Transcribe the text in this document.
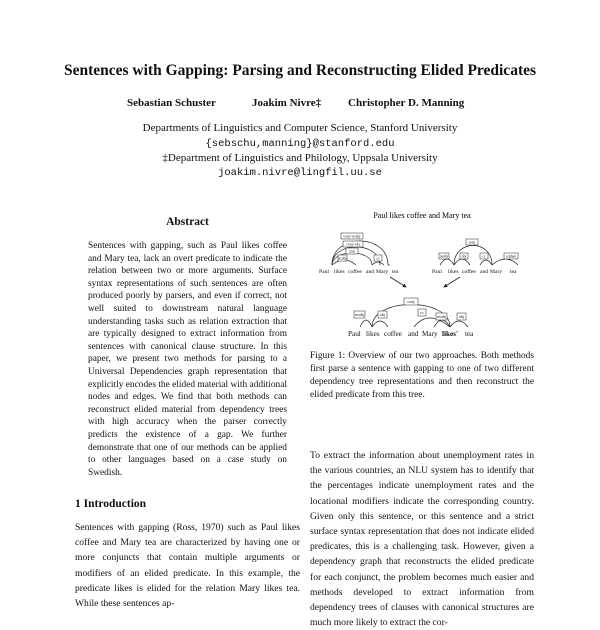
Sentences with Gapping: Parsing and Reconstructing Elided Predicates
Sebastian Schuster	Joakim Nivre‡ Christopher D. Manning
Departments of Linguistics and Computer Science, Stanford University
{sebschu,manning}@stanford.edu
‡Department of Linguistics and Philology, Uppsala University
joakim.nivre@lingfil.uu.se
Abstract
Sentences with gapping, such as Paul likes coffee and Mary tea, lack an overt predicate to indicate the relation between two or more arguments. Surface syntax representations of such sentences are often produced poorly by parsers, and even if correct, not well suited to downstream natural language understanding tasks such as relation extraction that are typically designed to extract information from sentences with canonical clause structure. In this paper, we present two methods for parsing to a Universal Dependencies graph representation that explicitly encodes the elided material with additional nodes and edges. We find that both methods can reconstruct elided material from dependency trees with high accuracy when the parser correctly predicts the existence of a gap. We further demonstrate that one of our methods can be applied to other languages based on a case study on Swedish.
1 Introduction
Sentences with gapping (Ross, 1970) such as Paul likes coffee and Mary tea are characterized by having one or more conjuncts that contain multiple arguments or modifiers of an elided predicate. In this example, the predicate likes is elided for the relation Mary likes tea. While these sentences ap-
Paul likes coffee and Mary tea
conj>nsubj
conj>obj
conj
nsubj	cc
Paul likes coffee and Mary tea
conj
nsubj	obj	cc	orphan
Paul likes coffee and Mary tea
conj
nsubj	obj	cc
nsubj	obj
Paul likes coffee and Mary likes' tea
Figure 1: Overview of our two approaches. Both methods first parse a sentence with gapping to one of two different dependency tree representations and then reconstruct the elided predicate from this tree.
To extract the information about unemployment rates in the various countries, an NLU system has to identify that the percentages indicate unemployment rates and the locational modifiers indicate the corresponding country. Given only this sentence, or this sentence and a strict surface syntax representation that does not indicate elided predicates, this is a challenging task. However, given a dependency graph that reconstructs the elided predicate for each conjunct, the problem becomes much easier and methods developed to extract information from dependency trees of clauses with canonical structures are much more likely to extract the cor-
